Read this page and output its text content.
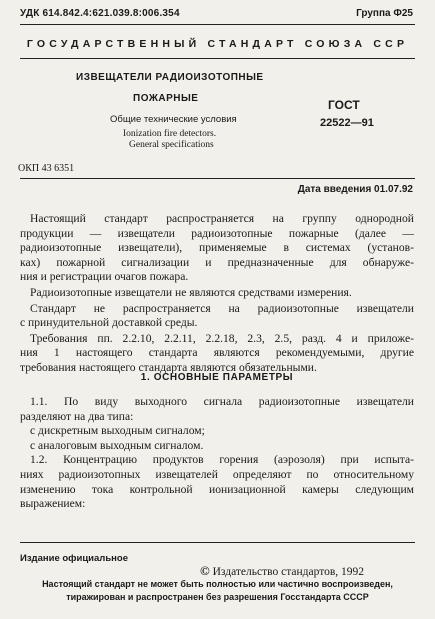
УДК 614.842.4:621.039.8:006.354	Группа Ф25
ГОСУДАРСТВЕННЫЙ СТАНДАРТ СОЮЗА ССР
ИЗВЕЩАТЕЛИ РАДИОИЗОТОПНЫЕ
ПОЖАРНЫЕ
Общие технические условия
Ionization fire detectors.
General specifications
ГОСТ
22522—91
ОКП 43 6351
Дата введения 01.07.92

Настоящий стандарт распространяется на группу однородной

продукции — извещатели радиоизотопные пожарные (далее —

радиоизотопные извещатели), применяемые в системах (установ-

ках) пожарной сигнализации и предназначенные для обнаруже-

ния и регистрации очагов пожара.

Радиоизотопные извещатели не являются средствами измерения.

Стандарт не распространяется на радиоизотопные извещатели

с принудительной доставкой среды.

Требования пп. 2.2.10, 2.2.11, 2.2.18, 2.3, 2.5, разд. 4 и приложе-

ния 1 настоящего стандарта являются рекомендуемыми, другие

требования настоящего стандарта являются обязательными.

1. ОСНОВНЫЕ ПАРАМЕТРЫ

1.1. По виду выходного сигнала радиоизотопные извещатели

разделяют на два типа:

с дискретным выходным сигналом;

с аналоговым выходным сигналом.

1.2. Концентрацию продуктов горения (аэрозоля) при испыта-

ниях радиоизотопных извещателей определяют по относительному

изменению тока контрольной ионизационной камеры следующим

выражением:

Издание официальное
© Издательство стандартов, 1992
Настоящий стандарт не может быть полностью или частично воспроизведен,
тиражирован и распространен без разрешения Госстандарта СССР
